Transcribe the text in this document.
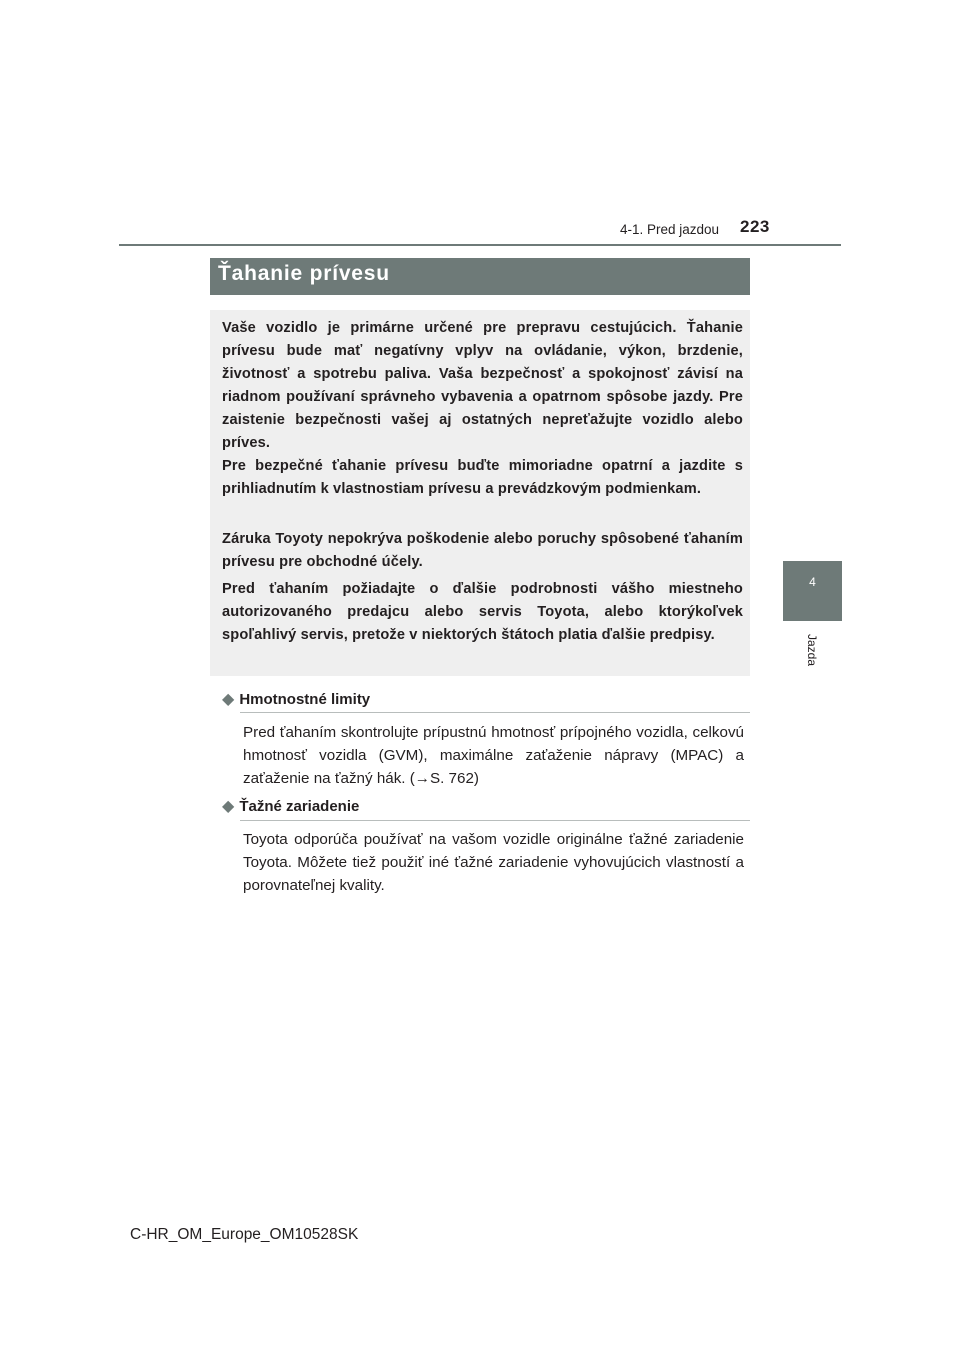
4-1. Pred jazdou 223
4
Jazda
Ťahanie prívesu

Vaše vozidlo je primárne určené pre prepravu cestujúcich. Ťahanie prívesu bude mať negatívny vplyv na ovládanie, výkon, brzdenie, životnosť a spotrebu paliva. Vaša bezpečnosť a spokojnosť závisí na riadnom používaní správneho vybavenia a opatrnom spôsobe jazdy. Pre zaistenie bezpečnosti vašej aj ostatných nepreťažujte vozidlo alebo príves.

Pre bezpečné ťahanie prívesu buďte mimoriadne opatrní a jazdite s prihliadnutím k vlastnostiam prívesu a prevádzkovým podmienkam.

Záruka Toyoty nepokrýva poškodenie alebo poruchy spôsobené ťahaním prívesu pre obchodné účely.

Pred ťahaním požiadajte o ďalšie podrobnosti vášho miestneho autorizovaného predajcu alebo servis Toyota, alebo ktorýkoľvek spoľahlivý servis, pretože v niektorých štátoch platia ďalšie predpisy.

◆ Hmotnostné limity

Pred ťahaním skontrolujte prípustnú hmotnosť prípojného vozidla, celkovú hmotnosť vozidla (GVM), maximálne zaťaženie nápravy (MPAC) a zaťaženie na ťažný hák. (→S. 762)

◆ Ťažné zariadenie

Toyota odporúča používať na vašom vozidle originálne ťažné zariadenie Toyota. Môžete tiež použiť iné ťažné zariadenie vyhovujúcich vlastností a porovnateľnej kvality.

C-HR_OM_Europe_OM10528SK
